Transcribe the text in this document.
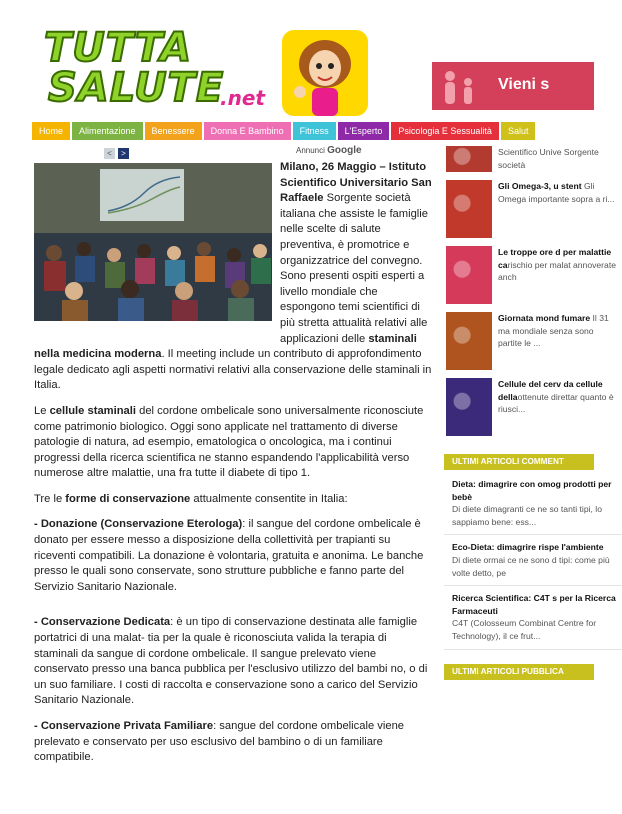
TUTTA
SALUTE
.net
Vieni s
Home	Alimentazione	Benessere	Donna E Bambino	Fitness	L'Esperto	Psicologia E Sessualità	Salut
<	>	Annunci Google

Milano, 26 Maggio – Istituto Scientifico Universitario San Raffaele Sorgente società italiana che assiste le famiglie nelle scelte di salute preventiva, è promotrice e organizzatrice del convegno. Sono presenti ospiti esperti a livello mondiale che espongono temi scientifici di più stretta attualità relativi alle applicazioni delle staminali nella medicina moderna. Il meeting include un contributo di approfondimento legale dedicato agli aspetti normativi relativi alla conservazione delle staminali in Italia.

Le cellule staminali del cordone ombelicale sono universalmente riconosciute come patrimonio biologico. Oggi sono applicate nel trattamento di diverse patologie di natura, ad esempio, ematologica o oncologica, ma i continui progressi della ricerca scientifica ne stanno espandendo l'applicabilità verso numerose altre malattie, una fra tutte il diabete di tipo 1.

Tre le forme di conservazione attualmente consentite in Italia:

- Donazione (Conservazione Eterologa): il sangue del cordone ombelicale è donato per essere messo a disposizione della collettività per trapianti su riceventi compatibili. La donazione è volontaria, gratuita e anonima. Le banche presso le quali sono conservate, sono strutture pubbliche e fanno parte del Servizio Sanitario Nazionale.

- Conservazione Dedicata: è un tipo di conservazione destinata alle famiglie portatrici di una malat- tia per la quale è riconosciuta valida la terapia di staminali da sangue di cordone ombelicale. Il sangue prelevato viene conservato presso una banca pubblica per l'esclusivo utilizzo del bambi no, o di un suo familiare. I costi di raccolta e conservazione sono a carico del Servizio Sanitario Nazionale.

- Conservazione Privata Familiare: sangue del cordone ombelicale viene prelevato e conservato per uso esclusivo del bambino o di un familiare compatibile.

Scientifico Unive Sorgente società
Gli Omega-3, u stent Gli Omega importante sopra a ri...
Le troppe ore d per malattie carischio per malat annoverate anch
Giornata mond fumare Il 31 ma mondiale senza sono partite le ...
Cellule del cerv da cellule dellaottenute direttar quanto è riusci...
ULTIMI ARTICOLI COMMENT
Dieta: dimagrire con omog prodotti per bebè
Di diete dimagranti ce ne so tanti tipi, lo sappiamo bene: ess...
Eco-Dieta: dimagrire rispe l'ambiente
Di diete ormai ce ne sono d tipi: come più volte detto, pe
Ricerca Scientifica: C4T s per la Ricerca Farmaceuti
C4T (Colosseum Combinat Centre for Technology), il ce frut...
ULTIMI ARTICOLI PUBBLICA
